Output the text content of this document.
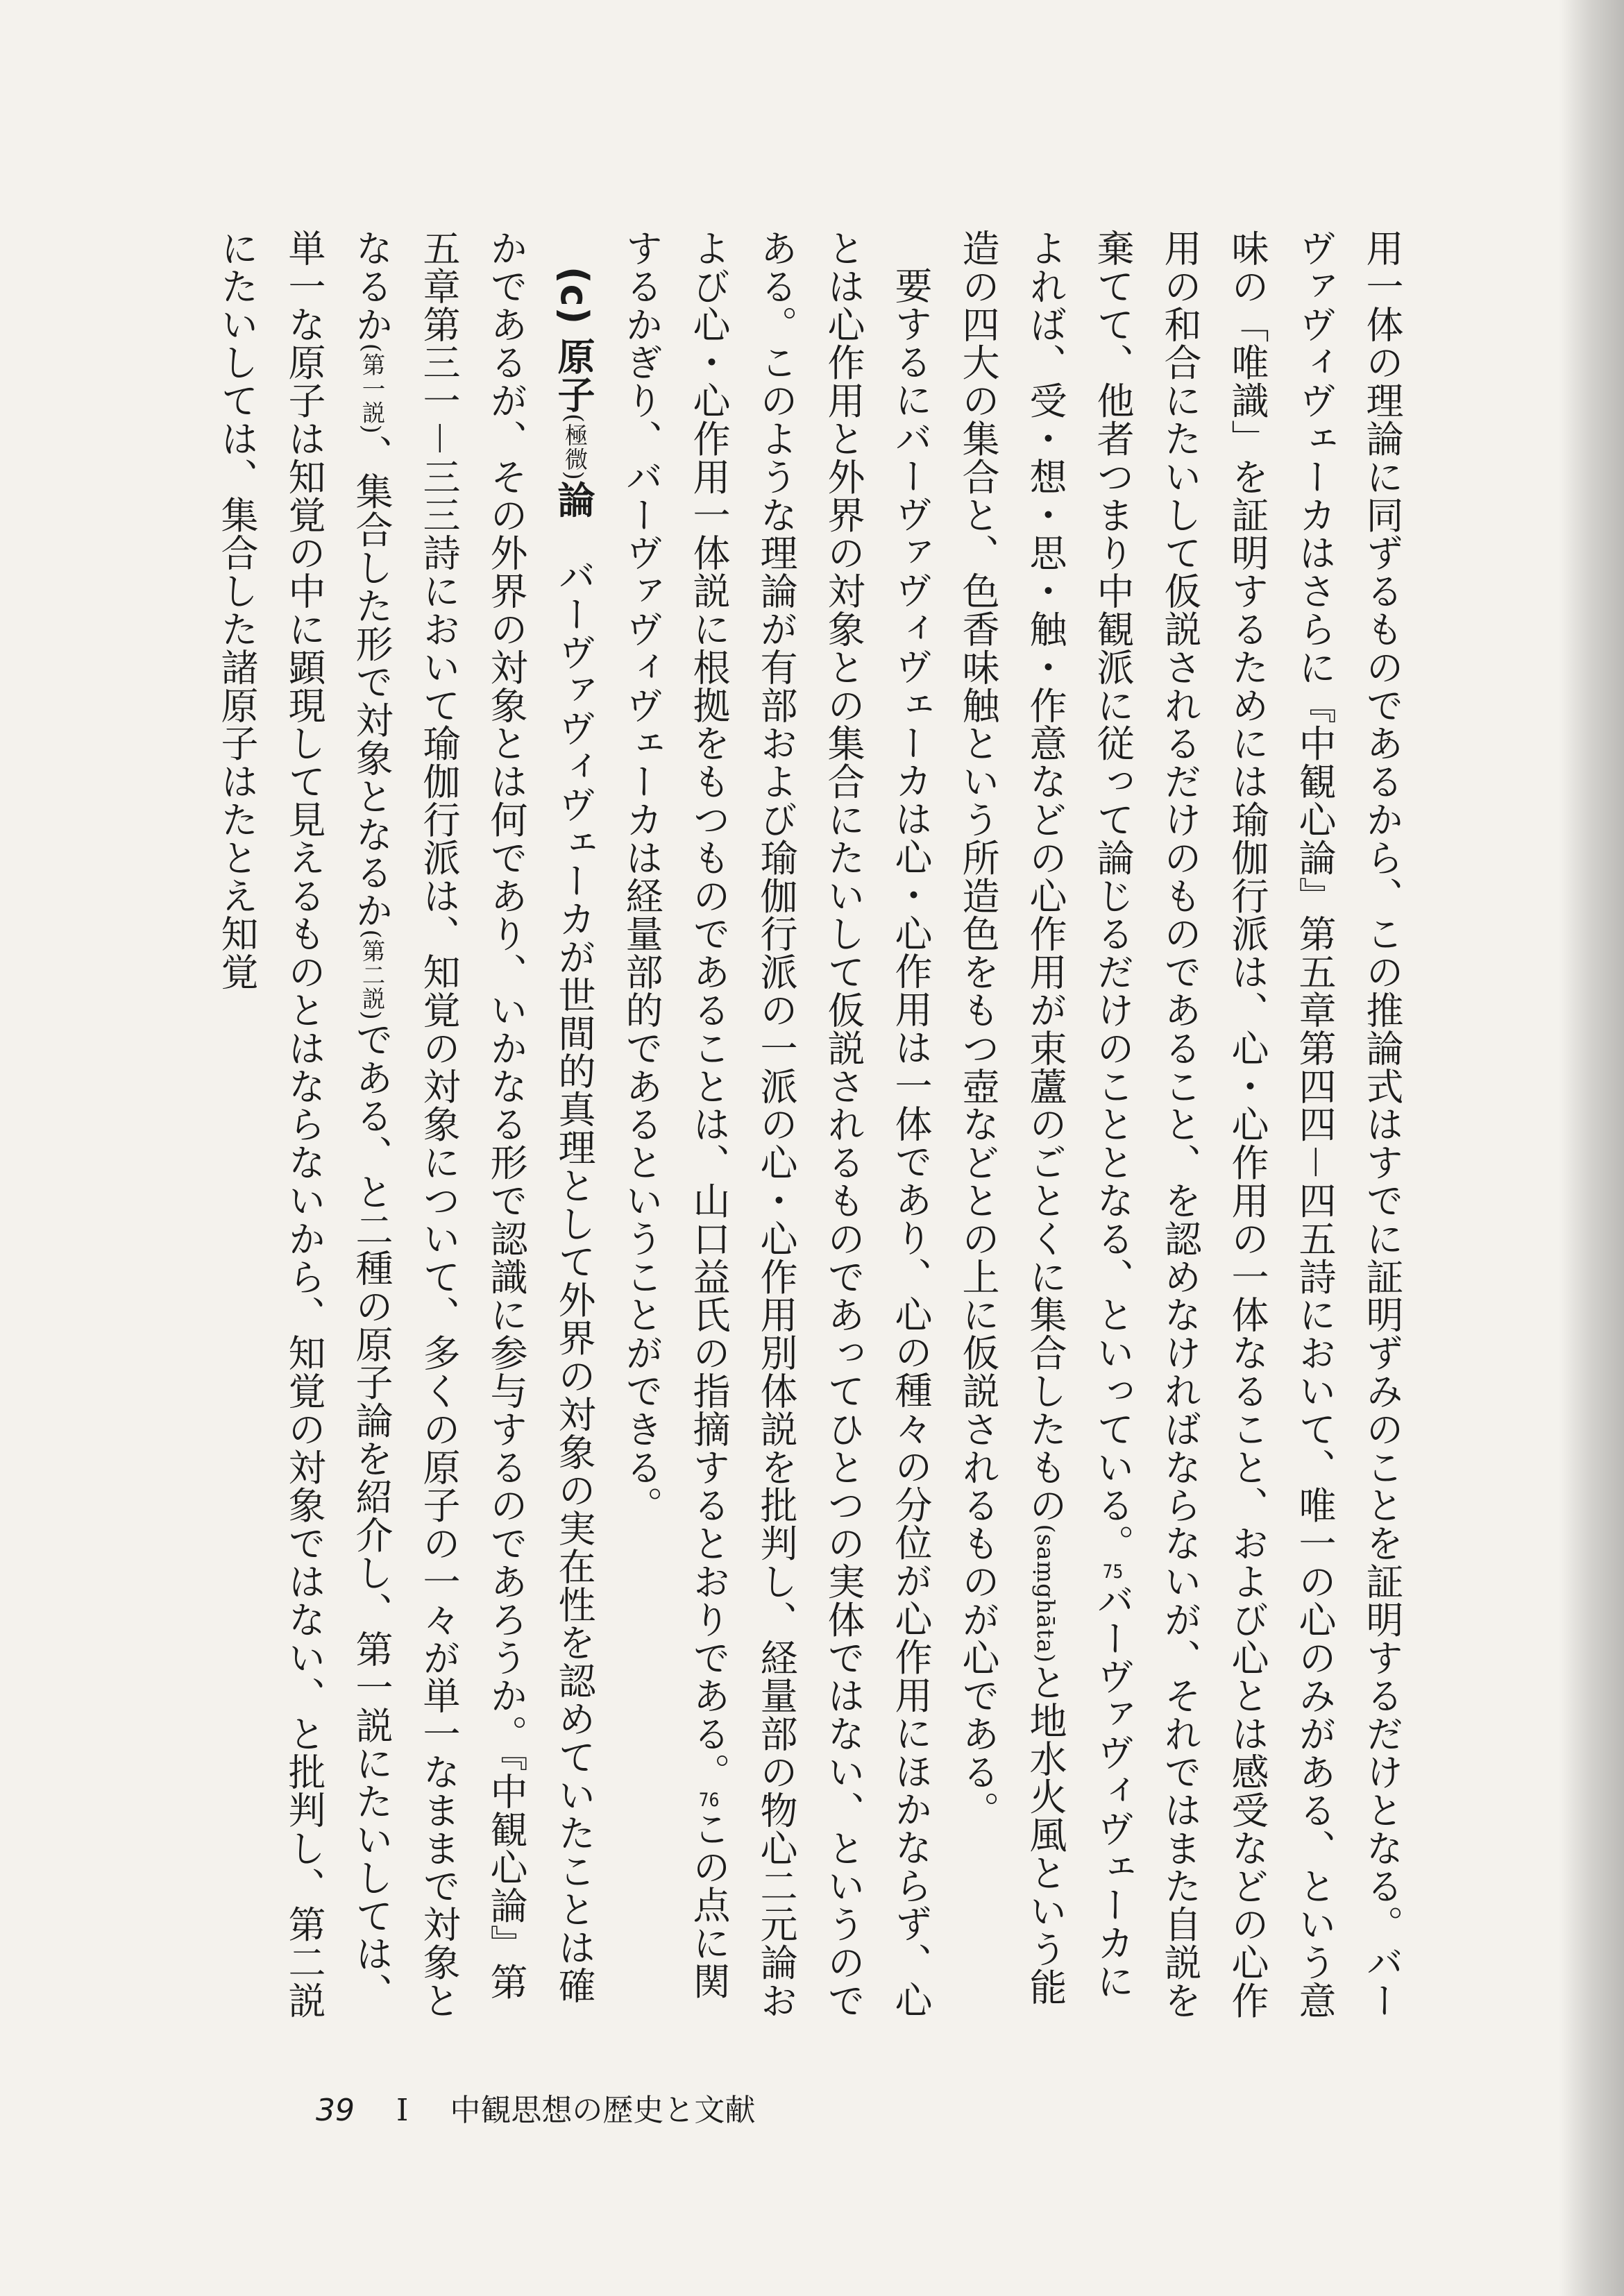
用一体の理論に同ずるものであるから、この推論式はすでに証明ずみのことを証明するだけとなる。バーヴァヴィヴェーカはさらに『中観心論』第五章第四四－四五詩において、唯一の心のみがある、という意味の「唯識」を証明するためには瑜伽行派は、心・心作用の一体なること、および心とは感受などの心作用の和合にたいして仮説されるだけのものであること、を認めなければならないが、それではまた自説を棄てて、他者つまり中観派に従って論じるだけのこととなる、といっている。75バーヴァヴィヴェーカによれば、受・想・思・触・作意などの心作用が束蘆のごとくに集合したもの(saṃghāta)と地水火風という能造の四大の集合と、色香味触という所造色をもつ壺などとの上に仮説されるものが心である。

要するにバーヴァヴィヴェーカは心・心作用は一体であり、心の種々の分位が心作用にほかならず、心とは心作用と外界の対象との集合にたいして仮説されるものであってひとつの実体ではない、というのである。このような理論が有部および瑜伽行派の一派の心・心作用別体説を批判し、経量部の物心二元論および心・心作用一体説に根拠をもつものであることは、山口益氏の指摘するとおりである。76この点に関するかぎり、バーヴァヴィヴェーカは経量部的であるということができる。

(c) 原子(極微)論　バーヴァヴィヴェーカが世間的真理として外界の対象の実在性を認めていたことは確かであるが、その外界の対象とは何であり、いかなる形で認識に参与するのであろうか。『中観心論』第五章第三一－三三詩において瑜伽行派は、知覚の対象について、多くの原子の一々が単一なままで対象となるか(第一説)、集合した形で対象となるか(第二説)である、と二種の原子論を紹介し、第一説にたいしては、単一な原子は知覚の中に顕現して見えるものとはならないから、知覚の対象ではない、と批判し、第二説にたいしては、集合した諸原子はたとえ知覚

39 I 中観思想の歴史と文献
